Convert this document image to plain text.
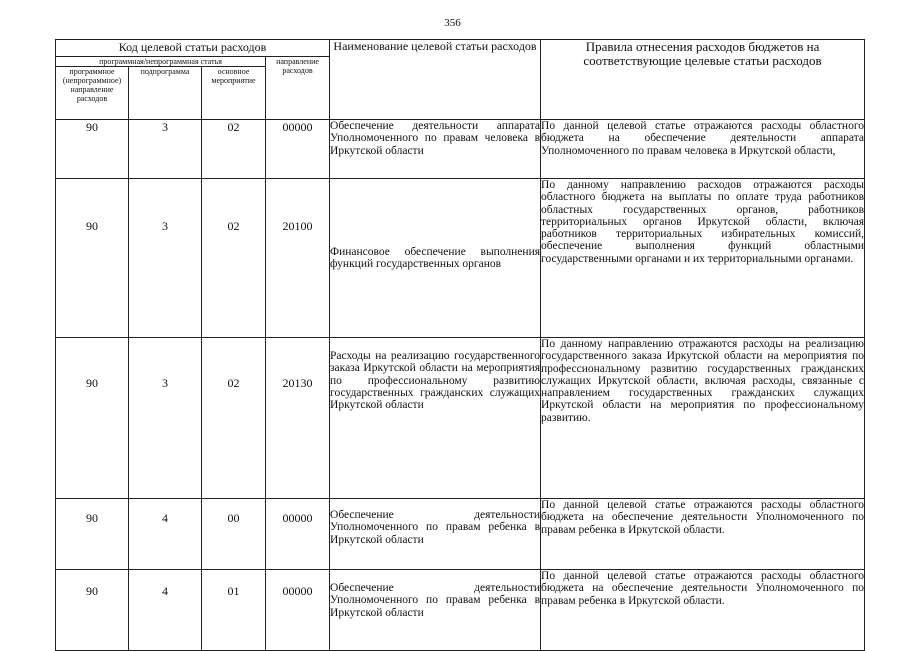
356
Код целевой статьи расходов				Наименование целевой статьи расходов	Правила отнесения расходов бюджетов на соответствующие целевые статьи расходов
программная/непрограммная статья			направление расходов		
программное (непрограммное) направление расходов	подпрограмма	основное мероприятие			
90	3	02	00000	Обеспечение деятельности аппарата Уполномоченного по правам человека в Иркутской области	По данной целевой статье отражаются расходы областного бюджета на обеспечение деятельности аппарата Уполномоченного по правам человека в Иркутской области,
90	3	02	20100	Финансовое обеспечение выполнения функций государственных органов	По данному направлению расходов отражаются расходы областного бюджета на выплаты по оплате труда работников областных государственных органов, работников территориальных органов Иркутской области, включая работников территориальных избирательных комиссий, обеспечение выполнения функций областными государственными органами и их территориальными органами.
90	3	02	20130	Расходы на реализацию государственного заказа Иркутской области на мероприятия по профессиональному развитию государственных гражданских служащих Иркутской области	По данному направлению отражаются расходы на реализацию государственного заказа Иркутской области на мероприятия по профессиональному развитию государственных гражданских служащих Иркутской области, включая расходы, связанные с направлением государственных гражданских служащих Иркутской области на мероприятия по профессиональному развитию.
90	4	00	00000	Обеспечение деятельности Уполномоченного по правам ребенка в Иркутской области	По данной целевой статье отражаются расходы областного бюджета на обеспечение деятельности Уполномоченного по правам ребенка в Иркутской области.
90	4	01	00000	Обеспечение деятельности Уполномоченного по правам ребенка в Иркутской области	По данной целевой статье отражаются расходы областного бюджета на обеспечение деятельности Уполномоченного по правам ребенка в Иркутской области.
